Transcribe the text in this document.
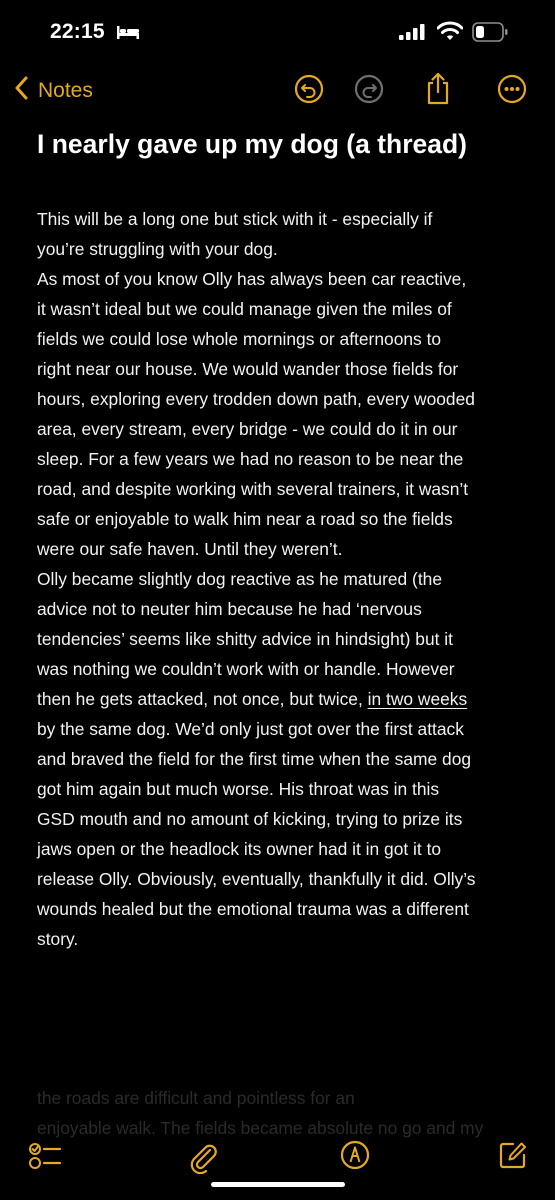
22:15
Notes
I nearly gave up my dog (a thread)
This will be a long one but stick with it - especially if
you’re struggling with your dog.
As most of you know Olly has always been car reactive,
it wasn’t ideal but we could manage given the miles of
fields we could lose whole mornings or afternoons to
right near our house. We would wander those fields for
hours, exploring every trodden down path, every wooded
area, every stream, every bridge - we could do it in our
sleep. For a few years we had no reason to be near the
road, and despite working with several trainers, it wasn’t
safe or enjoyable to walk him near a road so the fields
were our safe haven. Until they weren’t.
Olly became slightly dog reactive as he matured (the
advice not to neuter him because he had ‘nervous
tendencies’ seems like shitty advice in hindsight) but it
was nothing we couldn’t work with or handle. However
then he gets attacked, not once, but twice, in two weeks
by the same dog. We’d only just got over the first attack
and braved the field for the first time when the same dog
got him again but much worse. His throat was in this
GSD mouth and no amount of kicking, trying to prize its
jaws open or the headlock its owner had it in got it to
release Olly. Obviously, eventually, thankfully it did. Olly’s
wounds healed but the emotional trauma was a different
story.
the roads are difficult and pointless for an
enjoyable walk. The fields became absolute no go and my
